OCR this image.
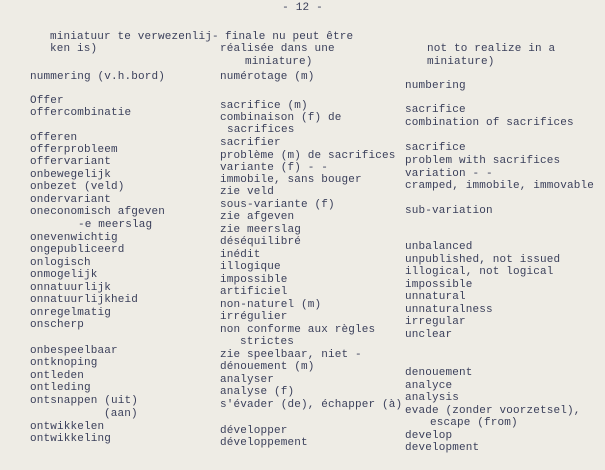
- 12 -
miniatuur te verwezenlij-
ken is)
nummering (v.h.bord)
Offer
offercombinatie
offeren
offerprobleem
offervariant
onbewegelijk
onbezet (veld)
ondervariant
oneconomisch afgeven
-e meerslag
onevenwichtig
ongepubliceerd
onlogisch
onmogelijk
onnatuurlijk
onnatuurlijkheid
onregelmatig
onscherp
onbespeelbaar
ontknoping
ontleden
ontleding
ontsnappen (uit)
(aan)
ontwikkelen
ontwikkeling
finale nu peut être
réalisée dans une
miniature)
numérotage (m)
sacrifice (m)
combinaison (f) de
sacrifices
sacrifier
problème (m) de sacrifices
variante (f) - -
immobile, sans bouger
zie veld
sous-variante (f)
zie afgeven
zie meerslag
déséquilibré
inédit
illogique
impossible
artificiel
non-naturel (m)
irrégulier
non conforme aux règles
strictes
zie speelbaar, niet -
dénouement (m)
analyser
analyse (f)
s'évader (de), échapper (à)
développer
développement
not to realize in a
miniature)
numbering
sacrifice
combination of sacrifices
sacrifice
problem with sacrifices
variation - -
cramped, immobile, immovable
sub-variation
unbalanced
unpublished, not issued
illogical, not logical
impossible
unnatural
unnaturalness
irregular
unclear
denouement
analyce
analysis
evade (zonder voorzetsel),
escape (from)
develop
development
